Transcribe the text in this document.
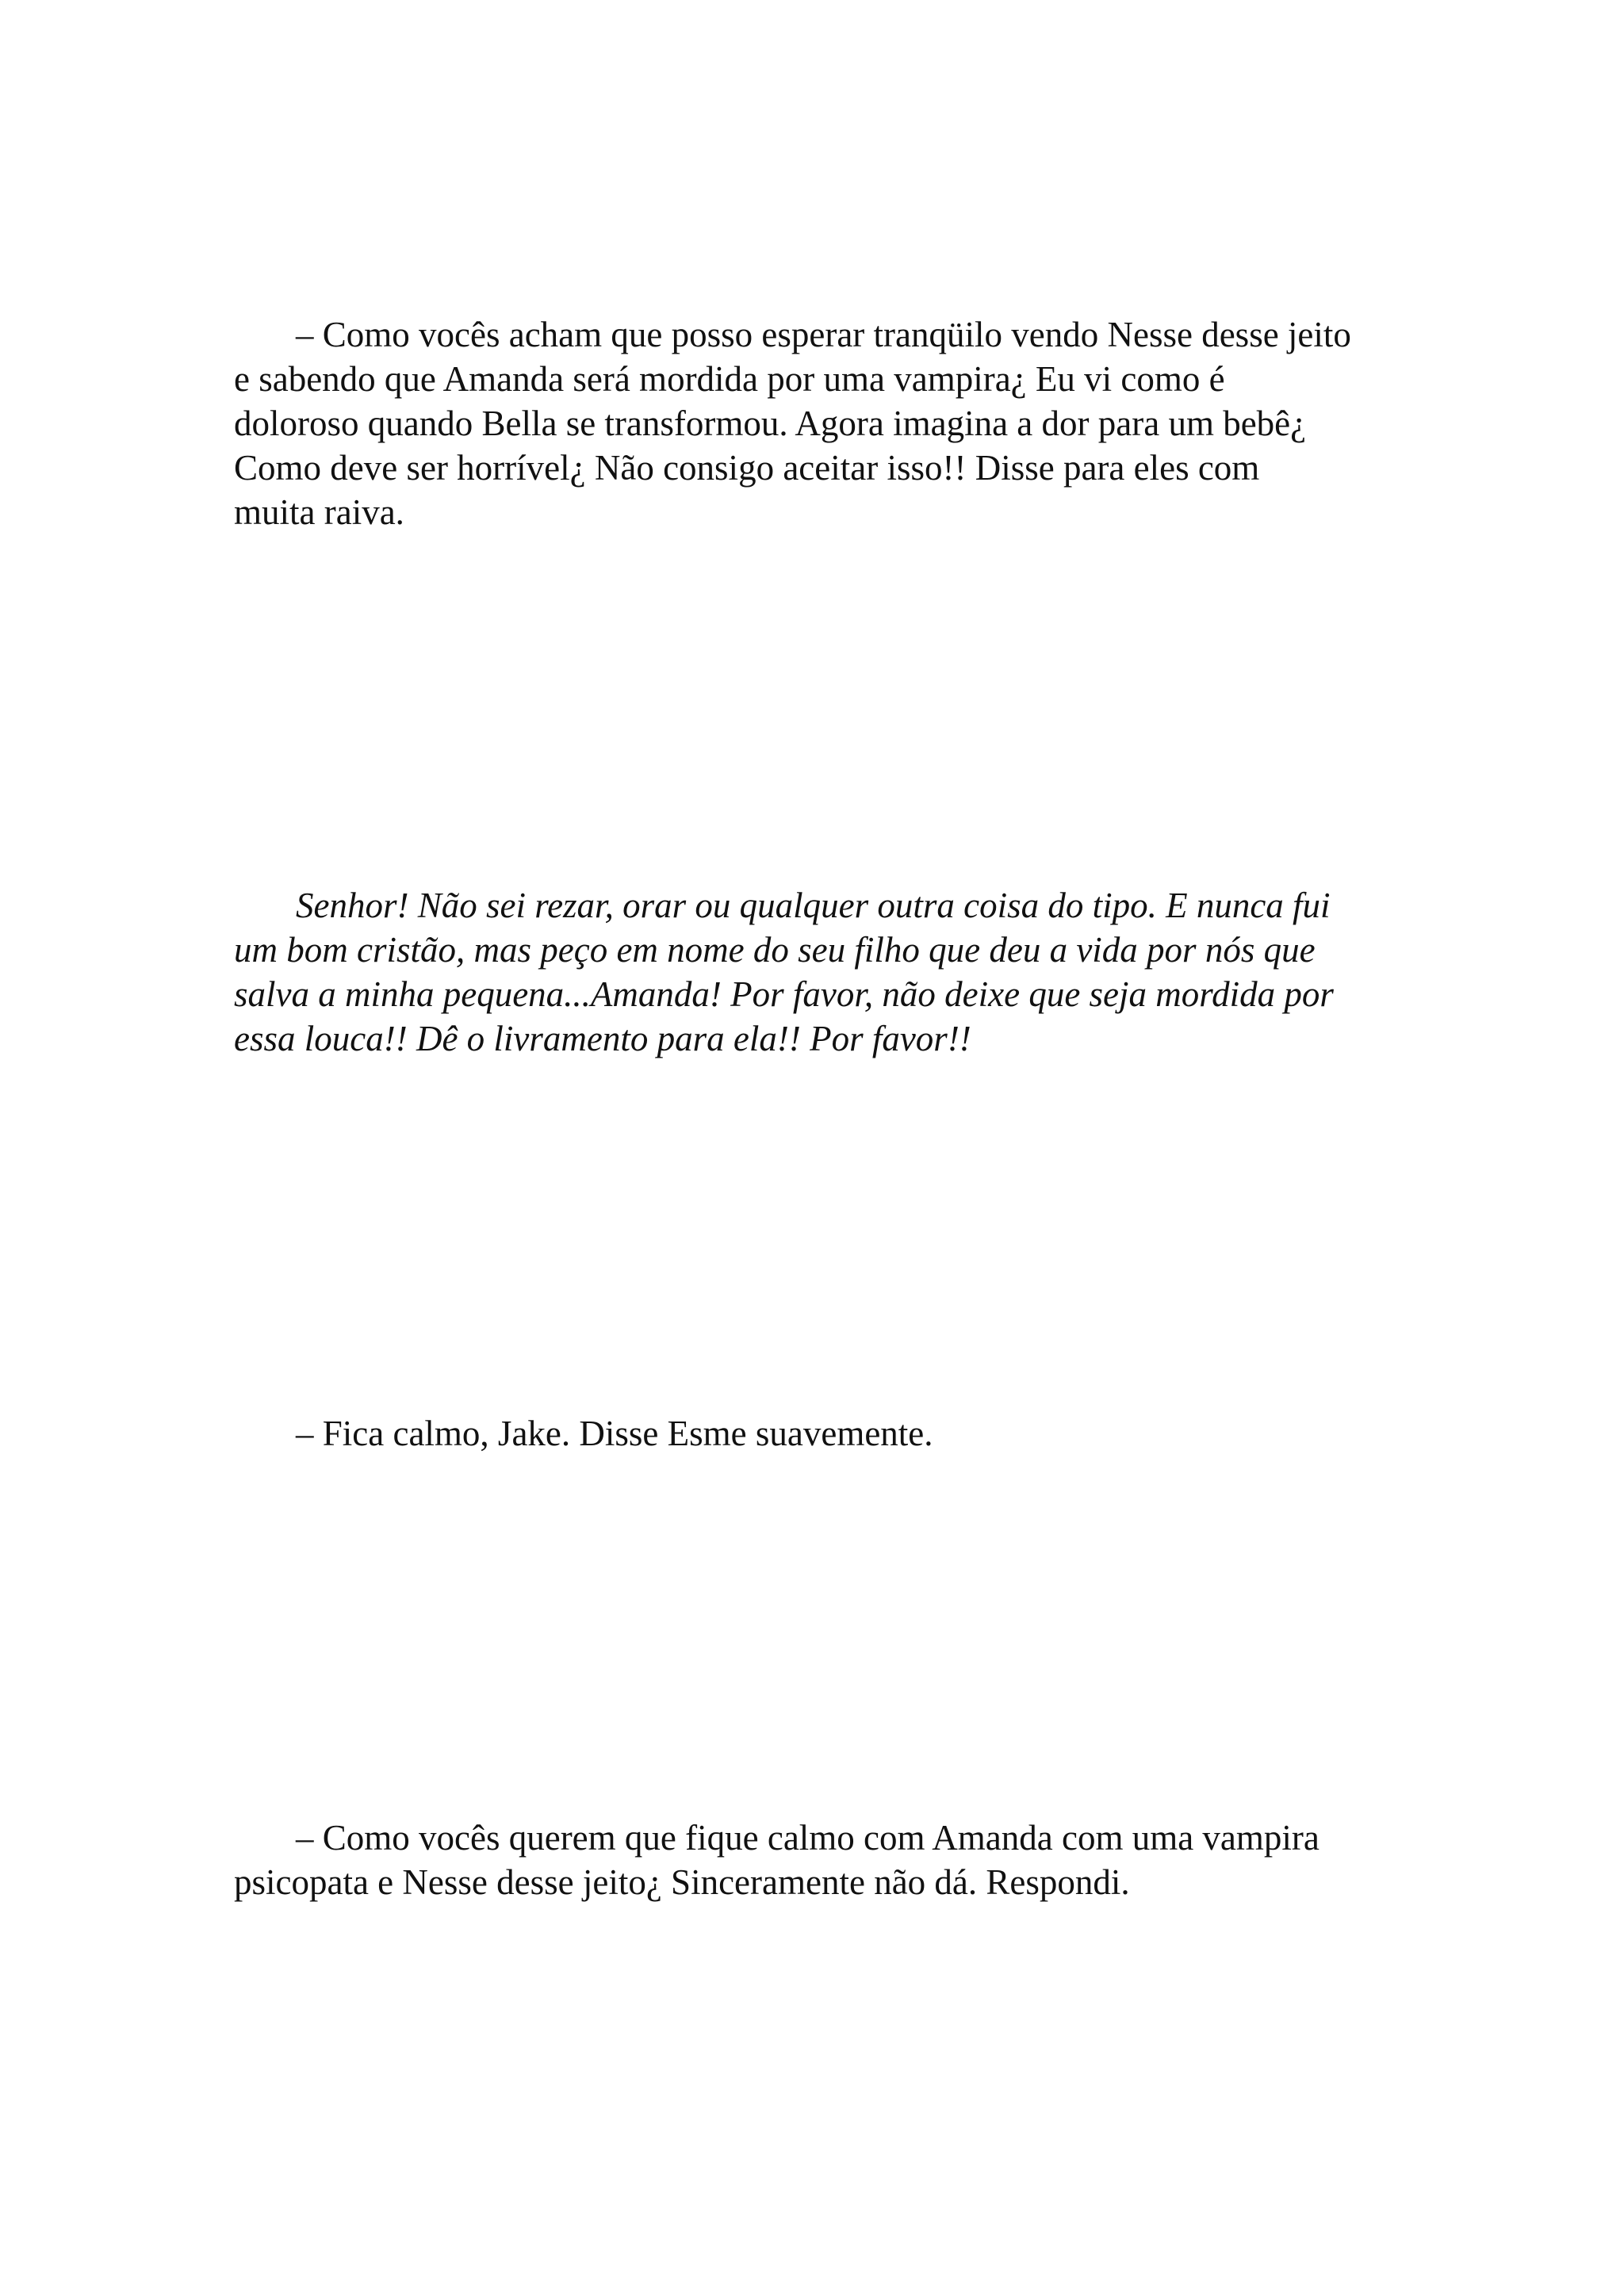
– Como vocês acham que posso esperar tranqüilo vendo Nesse desse jeito
e sabendo que Amanda será mordida por uma vampira¿ Eu vi como é
doloroso quando Bella se transformou. Agora imagina a dor para um bebê¿
Como deve ser horrível¿ Não consigo aceitar isso!! Disse para eles com
muita raiva.

Senhor! Não sei rezar, orar ou qualquer outra coisa do tipo. E nunca fui
um bom cristão, mas peço em nome do seu filho que deu a vida por nós que
salva a minha pequena...Amanda! Por favor, não deixe que seja mordida por
essa louca!! Dê o livramento para ela!! Por favor!!

– Fica calmo, Jake. Disse Esme suavemente.

– Como vocês querem que fique calmo com Amanda com uma vampira
psicopata e Nesse desse jeito¿ Sinceramente não dá. Respondi.
